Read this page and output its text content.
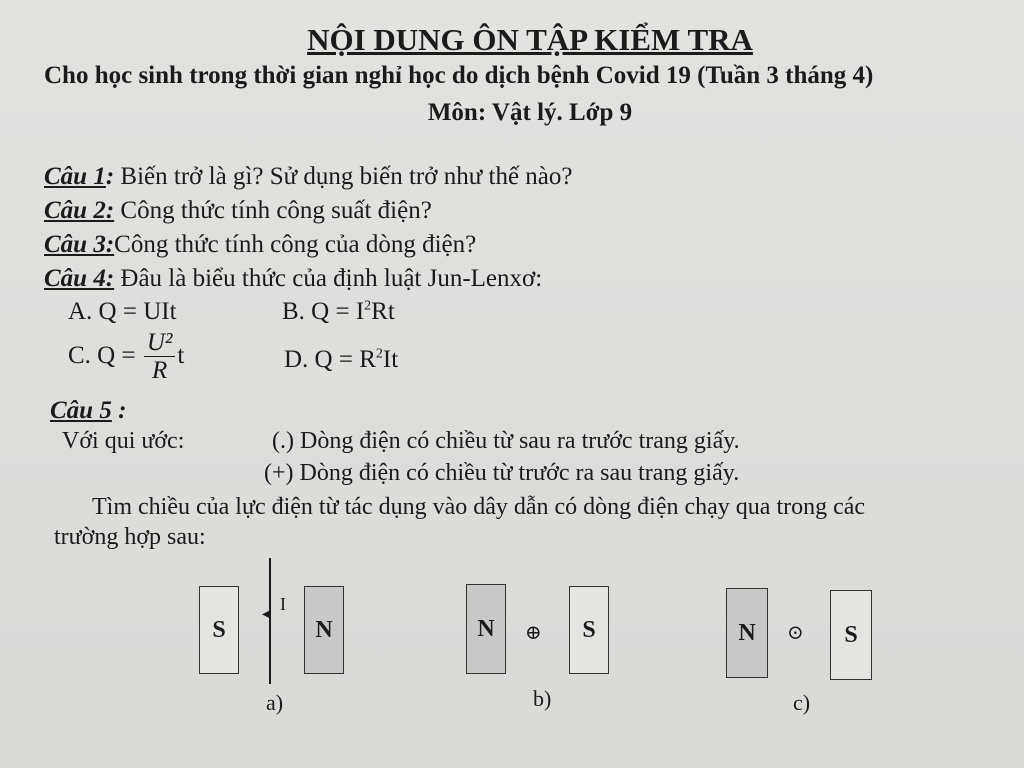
NỘI DUNG ÔN TẬP KIỂM TRA
Cho học sinh trong thời gian nghỉ học do dịch bệnh Covid 19 (Tuần 3 tháng 4)
Môn: Vật lý. Lớp 9
Câu 1: Biến trở là gì? Sử dụng biến trở như thế nào?
Câu 2: Công thức tính công suất điện?
Câu 3:Công thức tính công của dòng điện?
Câu 4: Đâu là biểu thức của định luật Jun-Lenxơ:
A. Q = UIt	B. $Q = I^2Rt$
C. $Q = \frac{\text{U²}}{R}$ t	D. $Q = R^2It$
Câu 5 :
Với qui ước:	(.) Dòng điện có chiều từ sau ra trước trang giấy.
(+) Dòng điện có chiều từ trước ra sau trang giấy.
Tìm chiều của lực điện từ tác dụng vào dây dẫn có dòng điện chạy qua trong các
trường hợp sau:
S
◂
I
N
a)
N	⊕	S
b)
N	⊙	S
c)
